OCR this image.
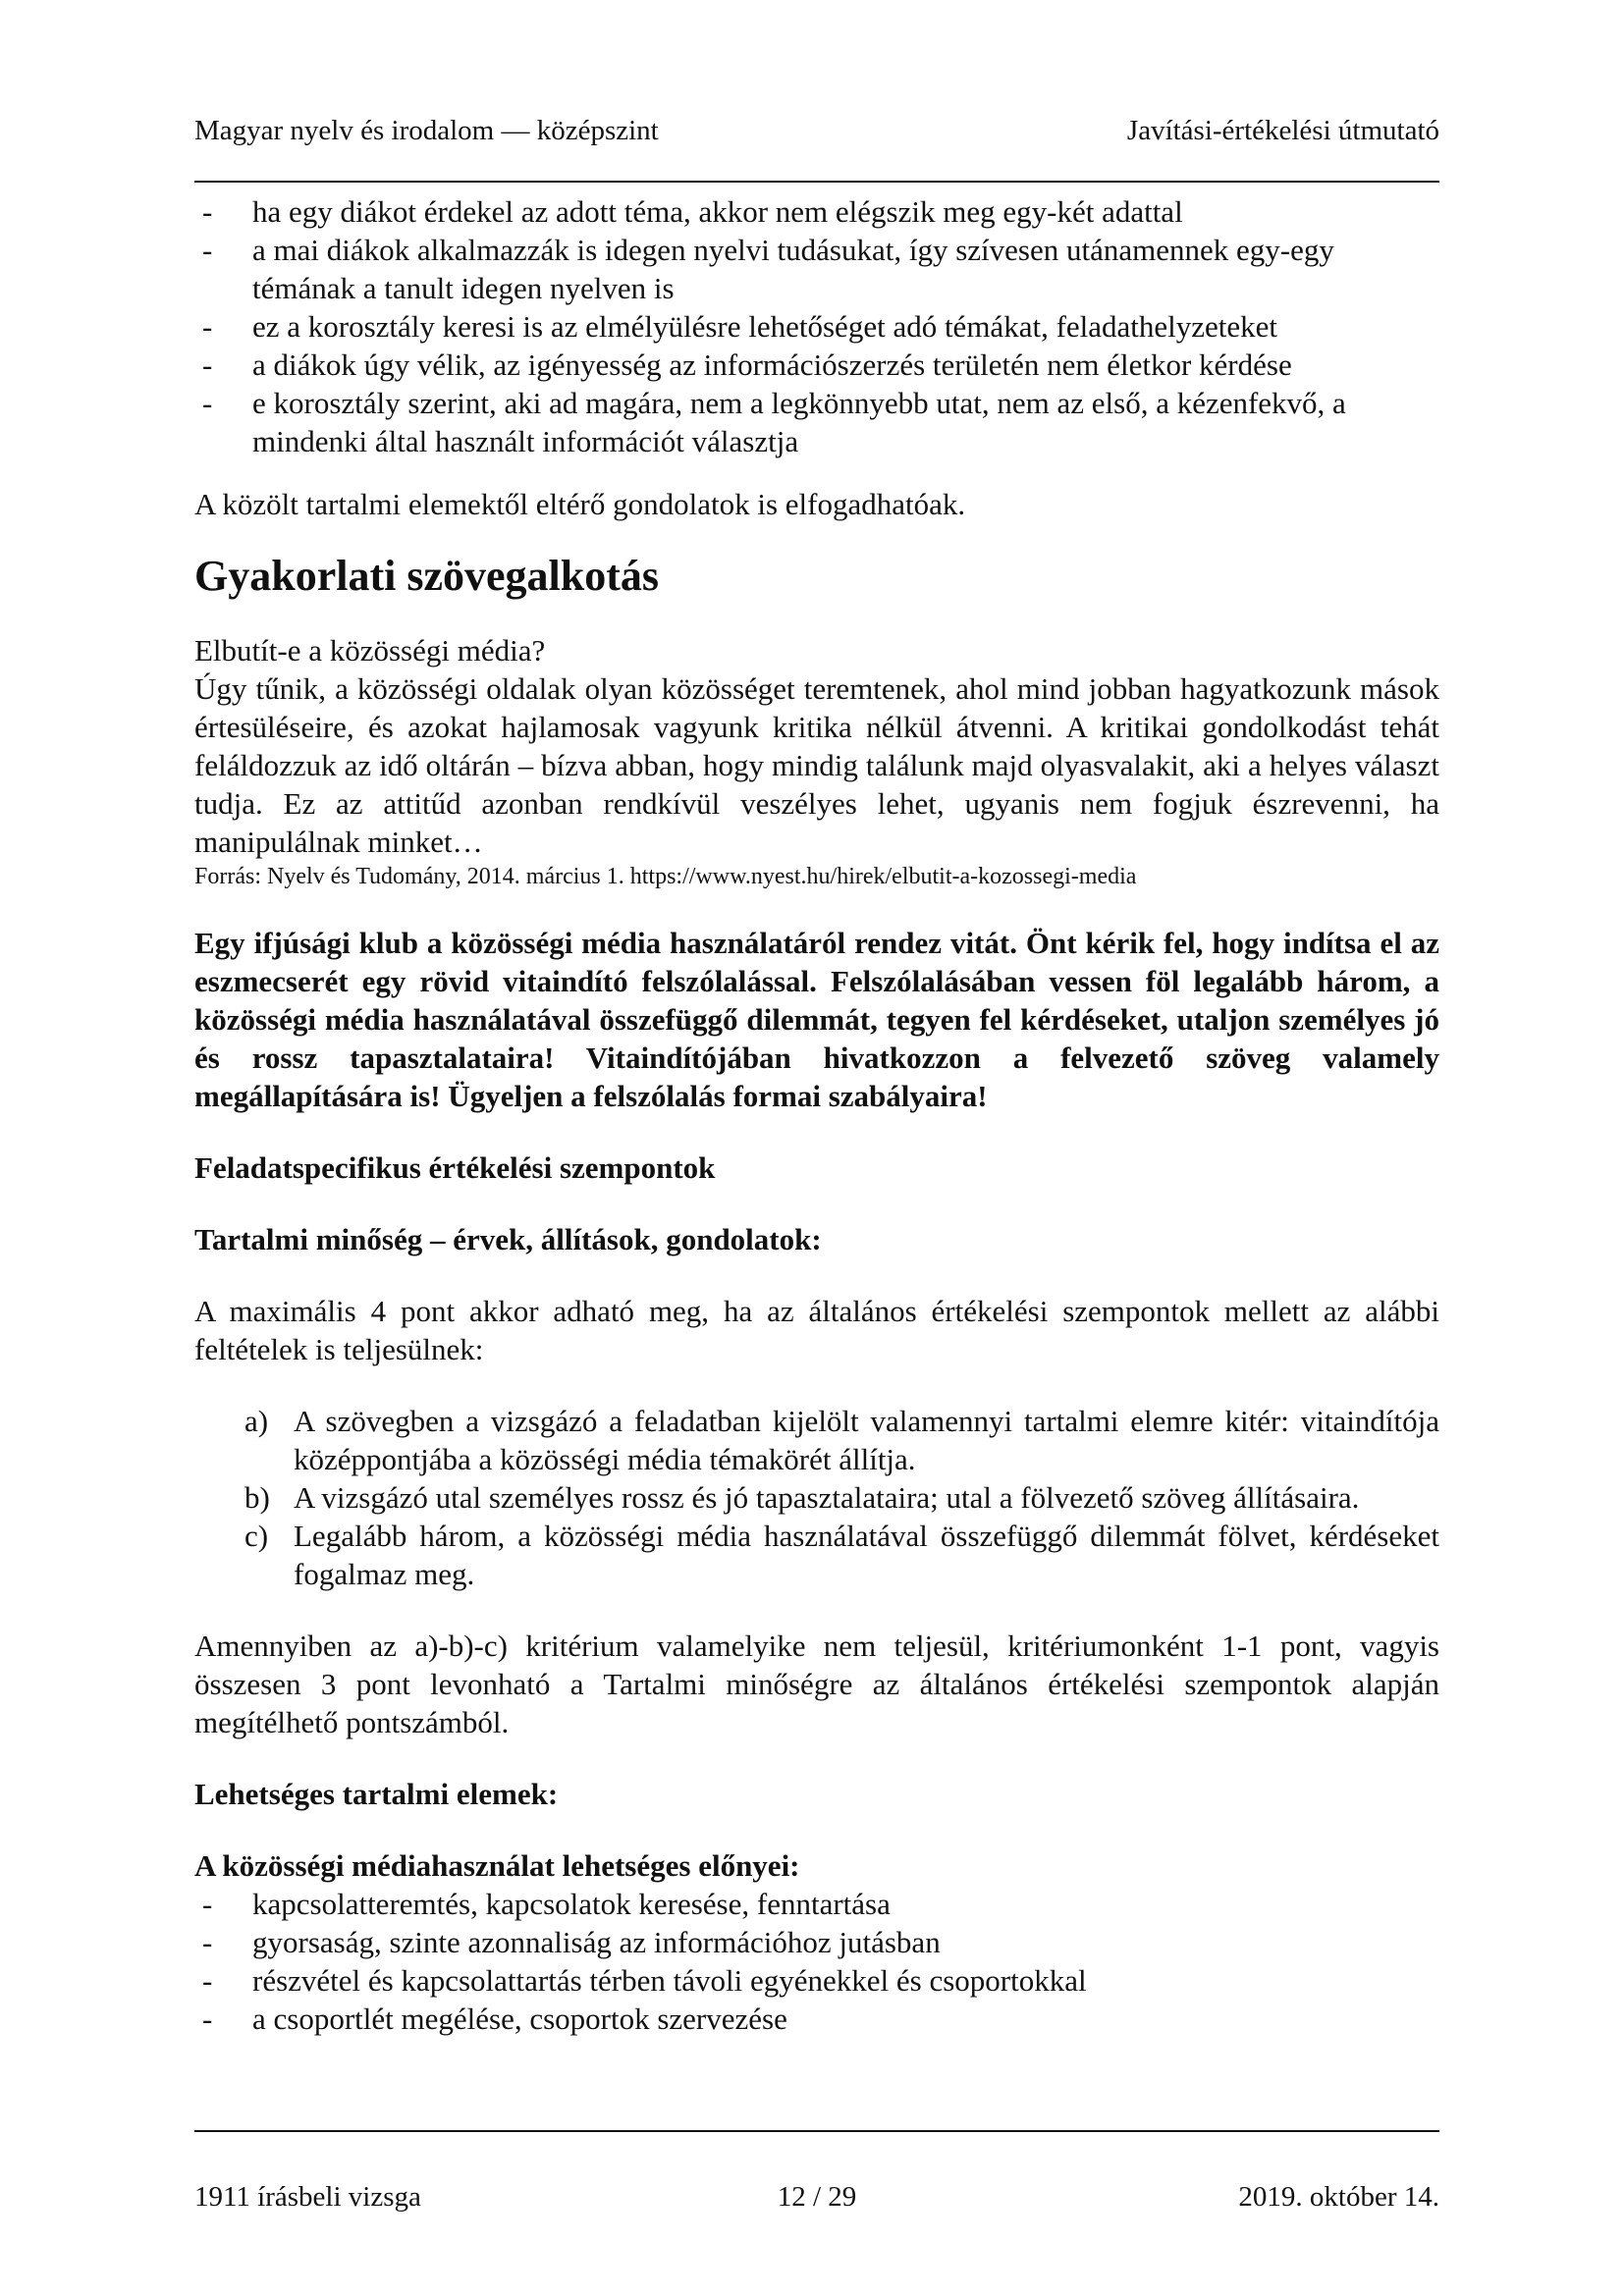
Magyar nyelv és irodalom — középszint	Javítási-értékelési útmutató
- ha egy diákot érdekel az adott téma, akkor nem elégszik meg egy-két adattal
- a mai diákok alkalmazzák is idegen nyelvi tudásukat, így szívesen utánamennek egy-egy témának a tanult idegen nyelven is
- ez a korosztály keresi is az elmélyülésre lehetőséget adó témákat, feladathelyzeteket
- a diákok úgy vélik, az igényesség az információszerzés területén nem életkor kérdése
- e korosztály szerint, aki ad magára, nem a legkönnyebb utat, nem az első, a kézenfekvő, a mindenki által használt információt választja

A közölt tartalmi elemektől eltérő gondolatok is elfogadhatóak.

Gyakorlati szövegalkotás

Elbutít-e a közösségi média?

Úgy tűnik, a közösségi oldalak olyan közösséget teremtenek, ahol mind jobban hagyatkozunk mások értesüléseire, és azokat hajlamosak vagyunk kritika nélkül átvenni. A kritikai gondolkodást tehát feláldozzuk az idő oltárán – bízva abban, hogy mindig találunk majd olyasvalakit, aki a helyes választ tudja. Ez az attitűd azonban rendkívül veszélyes lehet, ugyanis nem fogjuk észrevenni, ha manipulálnak minket…

Forrás: Nyelv és Tudomány, 2014. március 1. https://www.nyest.hu/hirek/elbutit-a-kozossegi-media

Egy ifjúsági klub a közösségi média használatáról rendez vitát. Önt kérik fel, hogy indítsa el az eszmecserét egy rövid vitaindító felszólalással. Felszólalásában vessen föl legalább három, a közösségi média használatával összefüggő dilemmát, tegyen fel kérdéseket, utaljon személyes jó és rossz tapasztalataira! Vitaindítójában hivatkozzon a felvezető szöveg valamely megállapítására is! Ügyeljen a felszólalás formai szabályaira!

Feladatspecifikus értékelési szempontok

Tartalmi minőség – érvek, állítások, gondolatok:

A maximális 4 pont akkor adható meg, ha az általános értékelési szempontok mellett az alábbi feltételek is teljesülnek:

a) A szövegben a vizsgázó a feladatban kijelölt valamennyi tartalmi elemre kitér: vitaindítója középpontjába a közösségi média témakörét állítja.
b) A vizsgázó utal személyes rossz és jó tapasztalataira; utal a fölvezető szöveg állításaira.
c) Legalább három, a közösségi média használatával összefüggő dilemmát fölvet, kérdéseket fogalmaz meg.

Amennyiben az a)-b)-c) kritérium valamelyike nem teljesül, kritériumonként 1-1 pont, vagyis összesen 3 pont levonható a Tartalmi minőségre az általános értékelési szempontok alapján megítélhető pontszámból.

Lehetséges tartalmi elemek:

A közösségi médiahasználat lehetséges előnyei:

- kapcsolatteremtés, kapcsolatok keresése, fenntartása
- gyorsaság, szinte azonnaliság az információhoz jutásban
- részvétel és kapcsolattartás térben távoli egyénekkel és csoportokkal
- a csoportlét megélése, csoportok szervezése
1911 írásbeli vizsga	12 / 29	2019. október 14.
